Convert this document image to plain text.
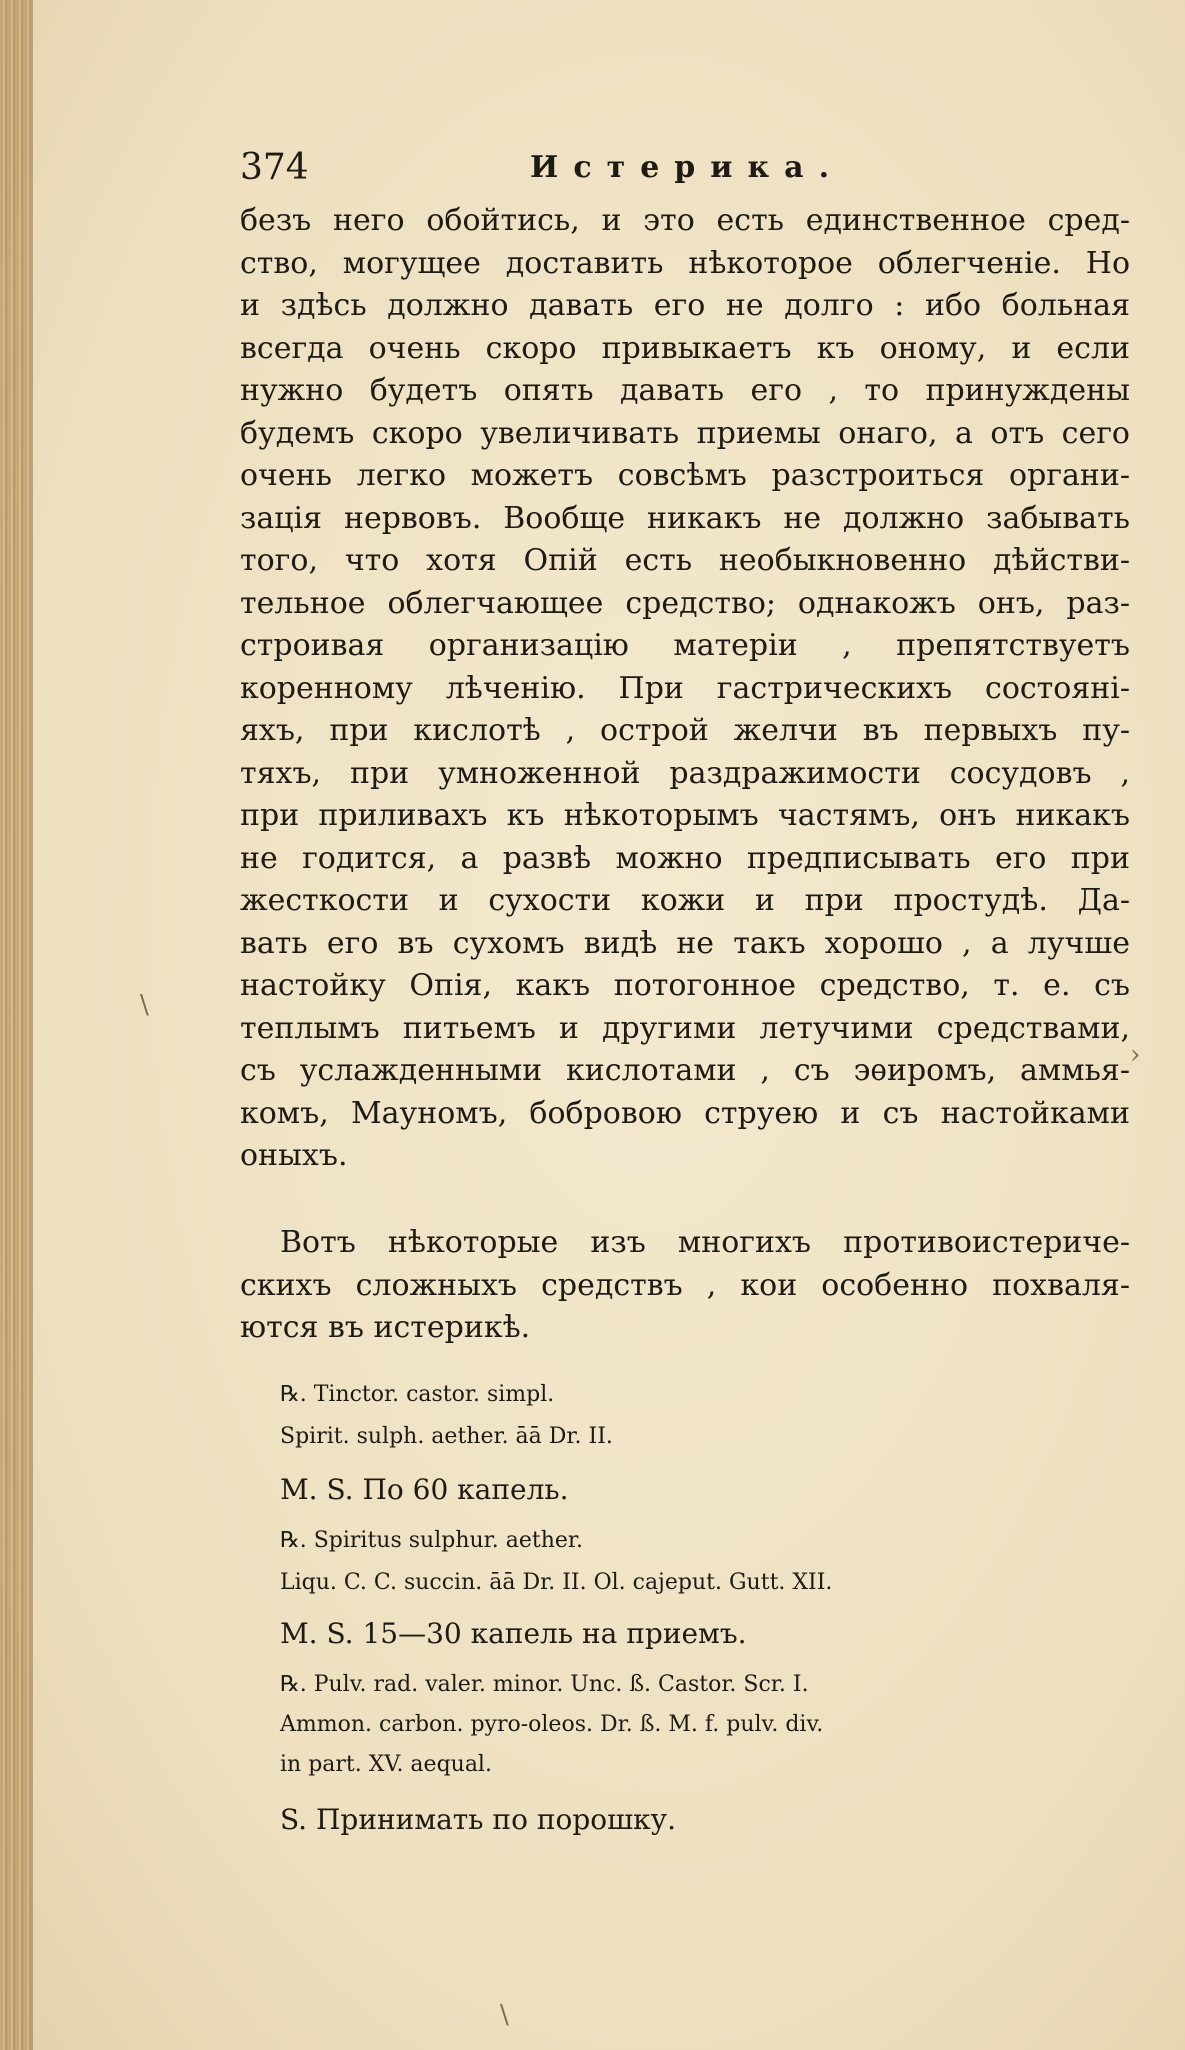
374	Истерика.
безъ него обойтись, и это есть единственное сред-
ство, могущее доставить нѣкоторое облегченіе. Но
и здѣсь должно давать его не долго : ибо больная
всегда очень скоро привыкаетъ къ оному, и если
нужно будетъ опять давать его , то принуждены
будемъ скоро увеличивать приемы онаго, а отъ сего
очень легко можетъ совсѣмъ разстроиться органи-
зація нервовъ. Вообще никакъ не должно забывать
того, что хотя Опій есть необыкновенно дѣйстви-
тельное облегчающее средство; однакожъ онъ, раз-
строивая организацію матеріи , препятствуетъ
коренному лѣченію. При гастрическихъ состоянi-
яхъ, при кислотѣ , острой желчи въ первыхъ пу-
тяхъ, при умноженной раздражимости сосудовъ ,
при приливахъ къ нѣкоторымъ частямъ, онъ никакъ
не годится, а развѣ можно предписывать его при
жесткости и сухости кожи и при простудѣ. Да-
вать его въ сухомъ видѣ не такъ хорошо , а лучше
настойку Опія, какъ потогонное средство, т. е. съ
теплымъ питьемъ и другими летучими средствами,
съ услажденными кислотами , съ эѳиромъ, аммья-
комъ, Мауномъ, бобровою струею и съ настойками
оныхъ.
Вотъ нѣкоторые изъ многихъ противоистериче-
скихъ сложныхъ средствъ , кои особенно похваля-
ются въ истерикѣ.
℞. Tinctor. castor. simpl.
Spirit. sulph. aether. āā Dr. II.
M. S. По 60 капель.
℞. Spiritus sulphur. aether.
Liqu. C. C. succin. āā Dr. II. Ol. cajeput. Gutt. XII.
M. S. 15—30 капель на приемъ.
℞. Pulv. rad. valer. minor. Unc. ß. Castor. Scr. I.
Ammon. carbon. pyro-oleos. Dr. ß. M. f. pulv. div.
in part. XV. aequal.
S. Принимать по порошку.
›
\
\
